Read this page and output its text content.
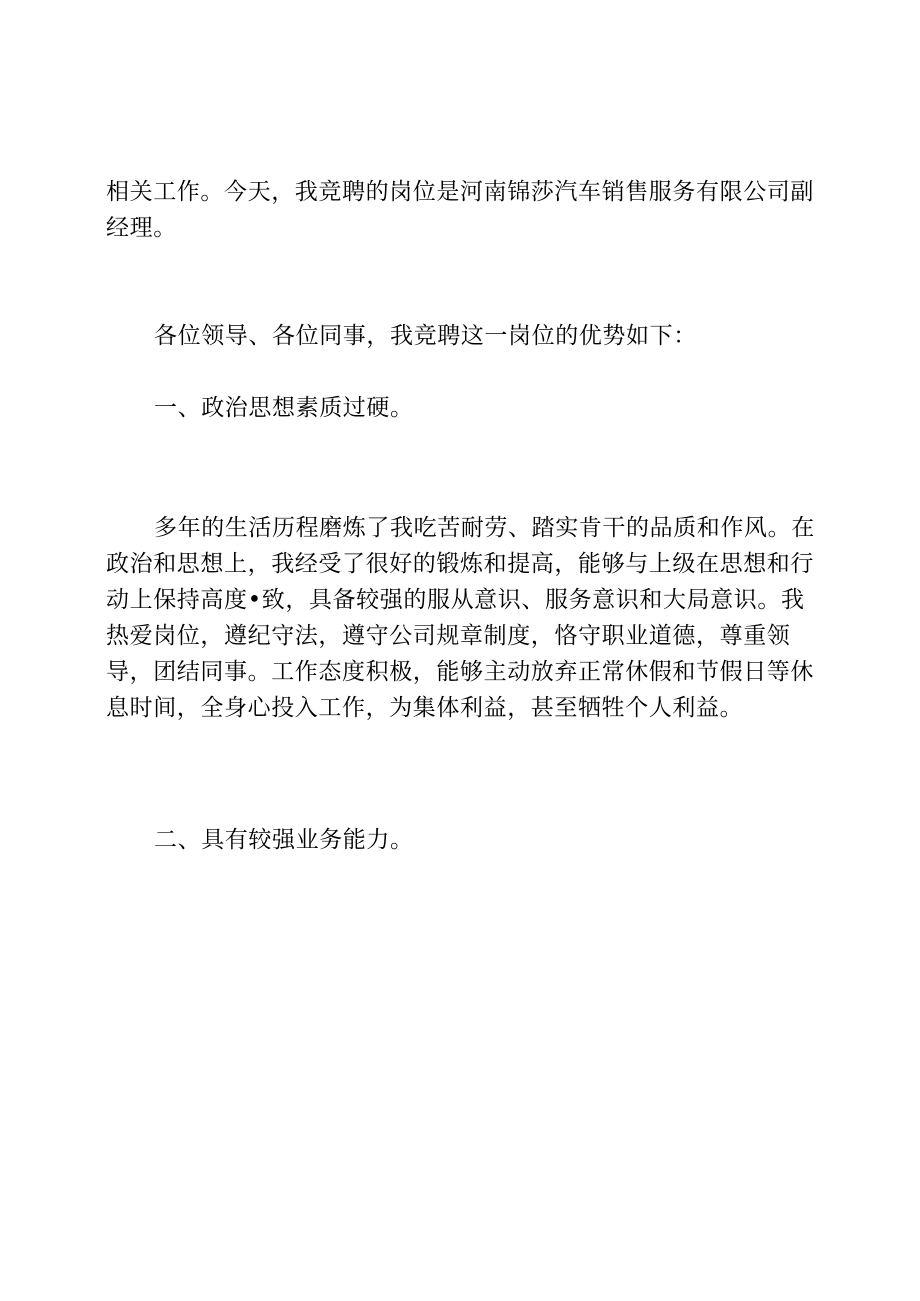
相关工作。今天，我竞聘的岗位是河南锦莎汽车销售服务有限公司副经理。

各位领导、各位同事，我竞聘这一岗位的优势如下：

一、政治思想素质过硬。

多年的生活历程磨炼了我吃苦耐劳、踏实肯干的品质和作风。在政治和思想上，我经受了很好的锻炼和提高，能够与上级在思想和行动上保持高度•致，具备较强的服从意识、服务意识和大局意识。我热爱岗位，遵纪守法，遵守公司规章制度，恪守职业道德，尊重领导，团结同事。工作态度积极，能够主动放弃正常休假和节假日等休息时间，全身心投入工作，为集体利益，甚至牺牲个人利益。

二、具有较强业务能力。
